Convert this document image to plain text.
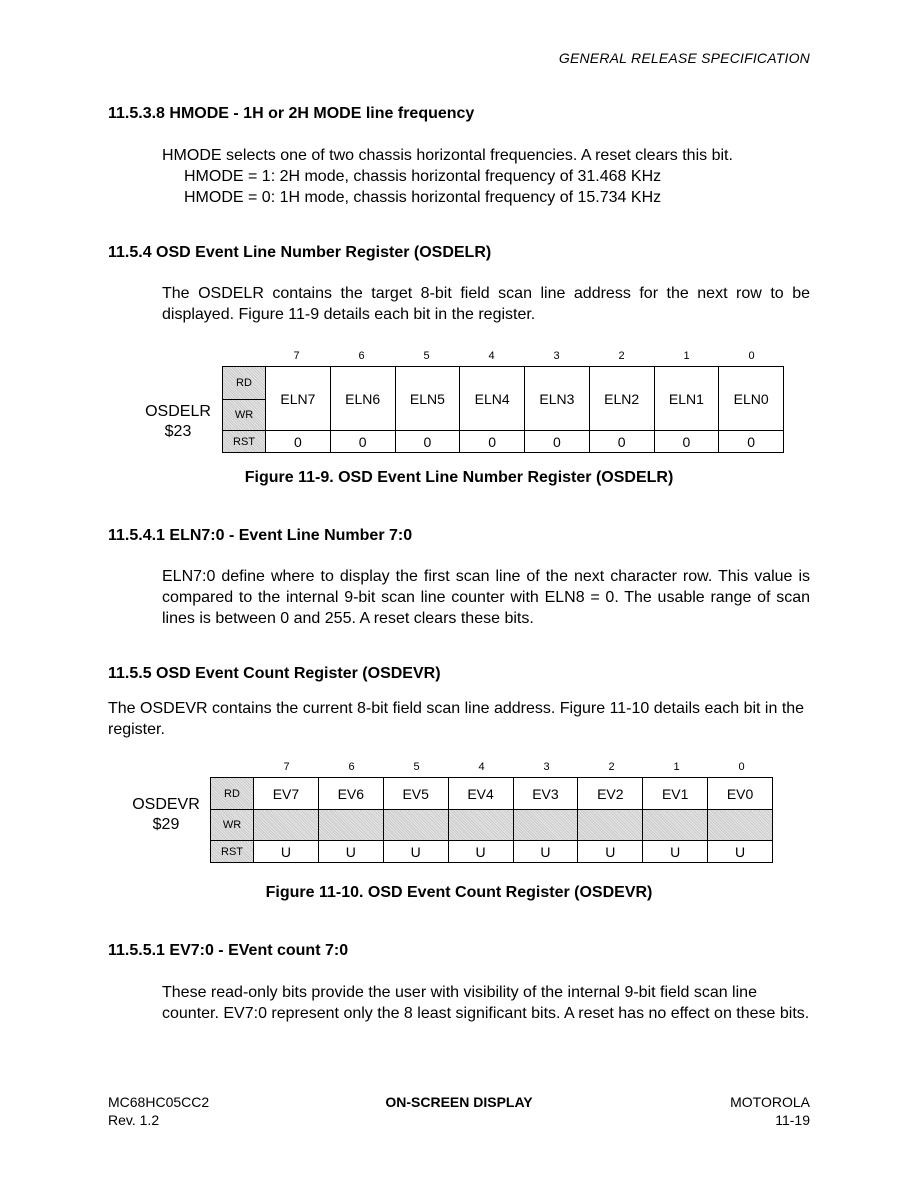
GENERAL RELEASE SPECIFICATION
11.5.3.8 HMODE - 1H or 2H MODE line frequency
HMODE selects one of two chassis horizontal frequencies. A reset clears this bit.
HMODE = 1: 2H mode, chassis horizontal frequency of 31.468 KHz
HMODE = 0: 1H mode, chassis horizontal frequency of 15.734 KHz
11.5.4 OSD Event Line Number Register (OSDELR)
The OSDELR contains the target 8-bit field scan line address for the next row to be displayed. Figure 11-9 details each bit in the register.
7	6	5	4	3	2	1	0
OSDELR
$23
RD	ELN7	ELN6	ELN5	ELN4	ELN3	ELN2	ELN1	ELN0
WR								
RST	0	0	0	0	0	0	0	0
Figure 11-9. OSD Event Line Number Register (OSDELR)
11.5.4.1 ELN7:0 - Event Line Number 7:0
ELN7:0 define where to display the first scan line of the next character row. This value is compared to the internal 9-bit scan line counter with ELN8 = 0. The usable range of scan lines is between 0 and 255. A reset clears these bits.
11.5.5 OSD Event Count Register (OSDEVR)
The OSDEVR contains the current 8-bit field scan line address. Figure 11-10 details each bit in the register.
7	6	5	4	3	2	1	0
OSDEVR
$29
RD	EV7	EV6	EV5	EV4	EV3	EV2	EV1	EV0
WR								
RST	U	U	U	U	U	U	U	U
Figure 11-10. OSD Event Count Register (OSDEVR)
11.5.5.1 EV7:0 - EVent count 7:0
These read-only bits provide the user with visibility of the internal 9-bit field scan line counter. EV7:0 represent only the 8 least significant bits. A reset has no effect on these bits.
MC68HC05CC2
Rev. 1.2
ON-SCREEN DISPLAY	MOTOROLA
11-19
